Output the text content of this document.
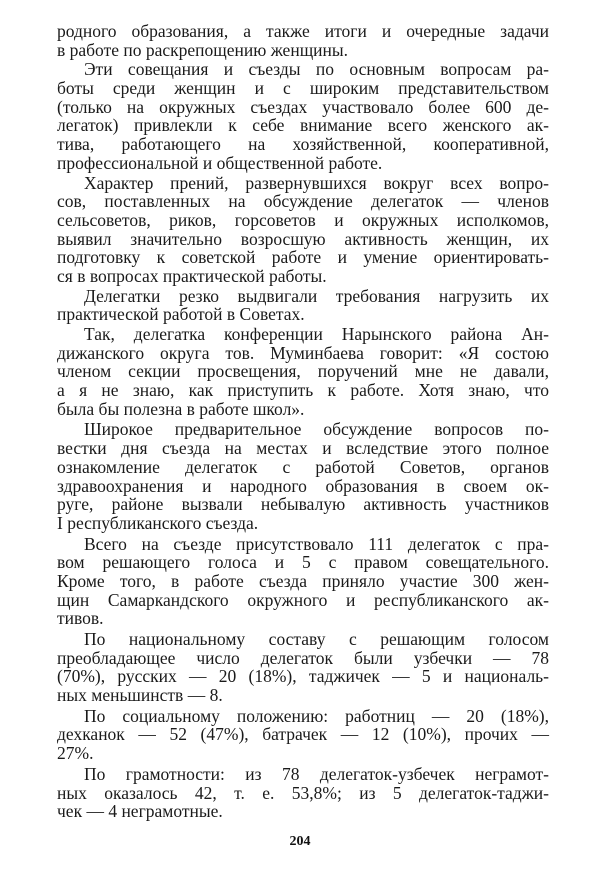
родного образования, а также итоги и очередные задачи
в работе по раскрепощению женщины.
Эти совещания и съезды по основным вопросам ра-
боты среди женщин и с широким представительством
(только на окружных съездах участвовало более 600 де-
легаток) привлекли к себе внимание всего женского ак-
тива, работающего на хозяйственной, кооперативной,
профессиональной и общественной работе.
Характер прений, развернувшихся вокруг всех вопро-
сов, поставленных на обсуждение делегаток — членов
сельсоветов, риков, горсоветов и окружных исполкомов,
выявил значительно возросшую активность женщин, их
подготовку к советской работе и умение ориентировать-
ся в вопросах практической работы.
Делегатки резко выдвигали требования нагрузить их
практической работой в Советах.
Так, делегатка конференции Нарынского района Ан-
дижанского округа тов. Муминбаева говорит: «Я состою
членом секции просвещения, поручений мне не давали,
а я не знаю, как приступить к работе. Хотя знаю, что
была бы полезна в работе школ».
Широкое предварительное обсуждение вопросов по-
вестки дня съезда на местах и вследствие этого полное
ознакомление делегаток с работой Советов, органов
здравоохранения и народного образования в своем ок-
руге, районе вызвали небывалую активность участников
I республиканского съезда.
Всего на съезде присутствовало 111 делегаток с пра-
вом решающего голоса и 5 с правом совещательного.
Кроме того, в работе съезда приняло участие 300 жен-
щин Самаркандского окружного и республиканского ак-
тивов.
По национальному составу с решающим голосом
преобладающее число делегаток были узбечки — 78
(70%), русских — 20 (18%), таджичек — 5 и националь-
ных меньшинств — 8.
По социальному положению: работниц — 20 (18%),
дехканок — 52 (47%), батрачек — 12 (10%), прочих —
27%.
По грамотности: из 78 делегаток-узбечек неграмот-
ных оказалось 42, т. е. 53,8%; из 5 делегаток-таджи-
чек — 4 неграмотные.
204
